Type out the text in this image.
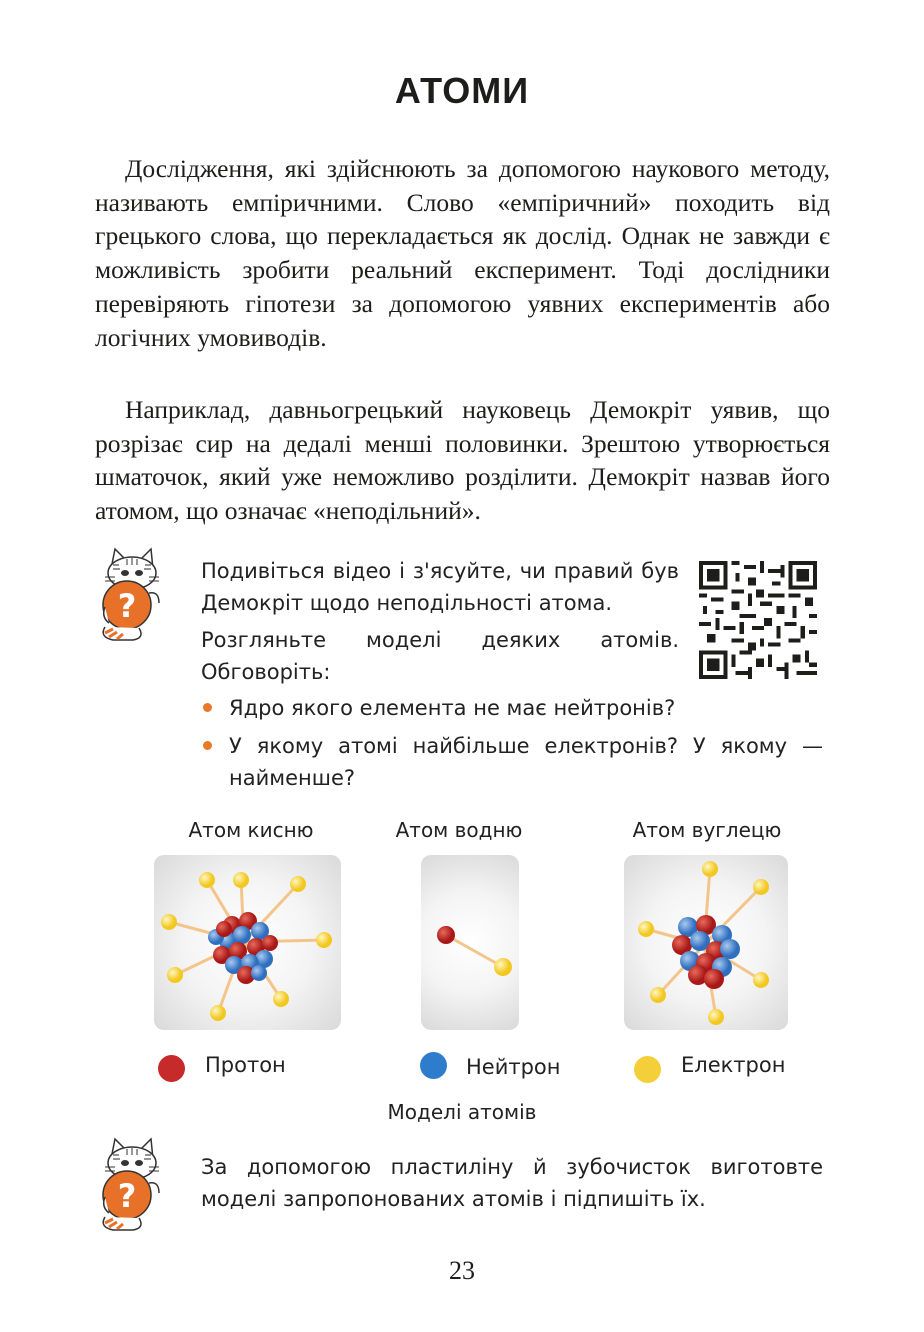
АТОМИ

Дослідження, які здійснюють за допомогою наукового методу, називають емпіричними. Слово «емпіричний» походить від грецького слова, що перекладається як дослід. Однак не завжди є можливість зробити реальний експеримент. Тоді дослідники перевіряють гіпотези за допомогою уявних експериментів або логічних умовиводів.

Наприклад, давньогрецький науковець Демокріт уявив, що розрізає сир на дедалі менші половинки. Зрештою утворюється шматочок, який уже неможливо розділити. Демокріт назвав його атомом, що означає «неподільний».

?
Подивіться відео і з'ясуйте, чи правий був Демокріт щодо неподільності атома.
Розгляньте моделі деяких атомів.
Обговоріть:
Ядро якого елемента не має нейтронів?
У якому атомі найбільше електронів? У якому — найменше?
Атом кисню	Атом водню	Атом вуглецю
Протон	Нейтрон	Електрон
Моделі атомів
?
За допомогою пластиліну й зубочисток виготовте моделі запропонованих атомів і підпишіть їх.
23
